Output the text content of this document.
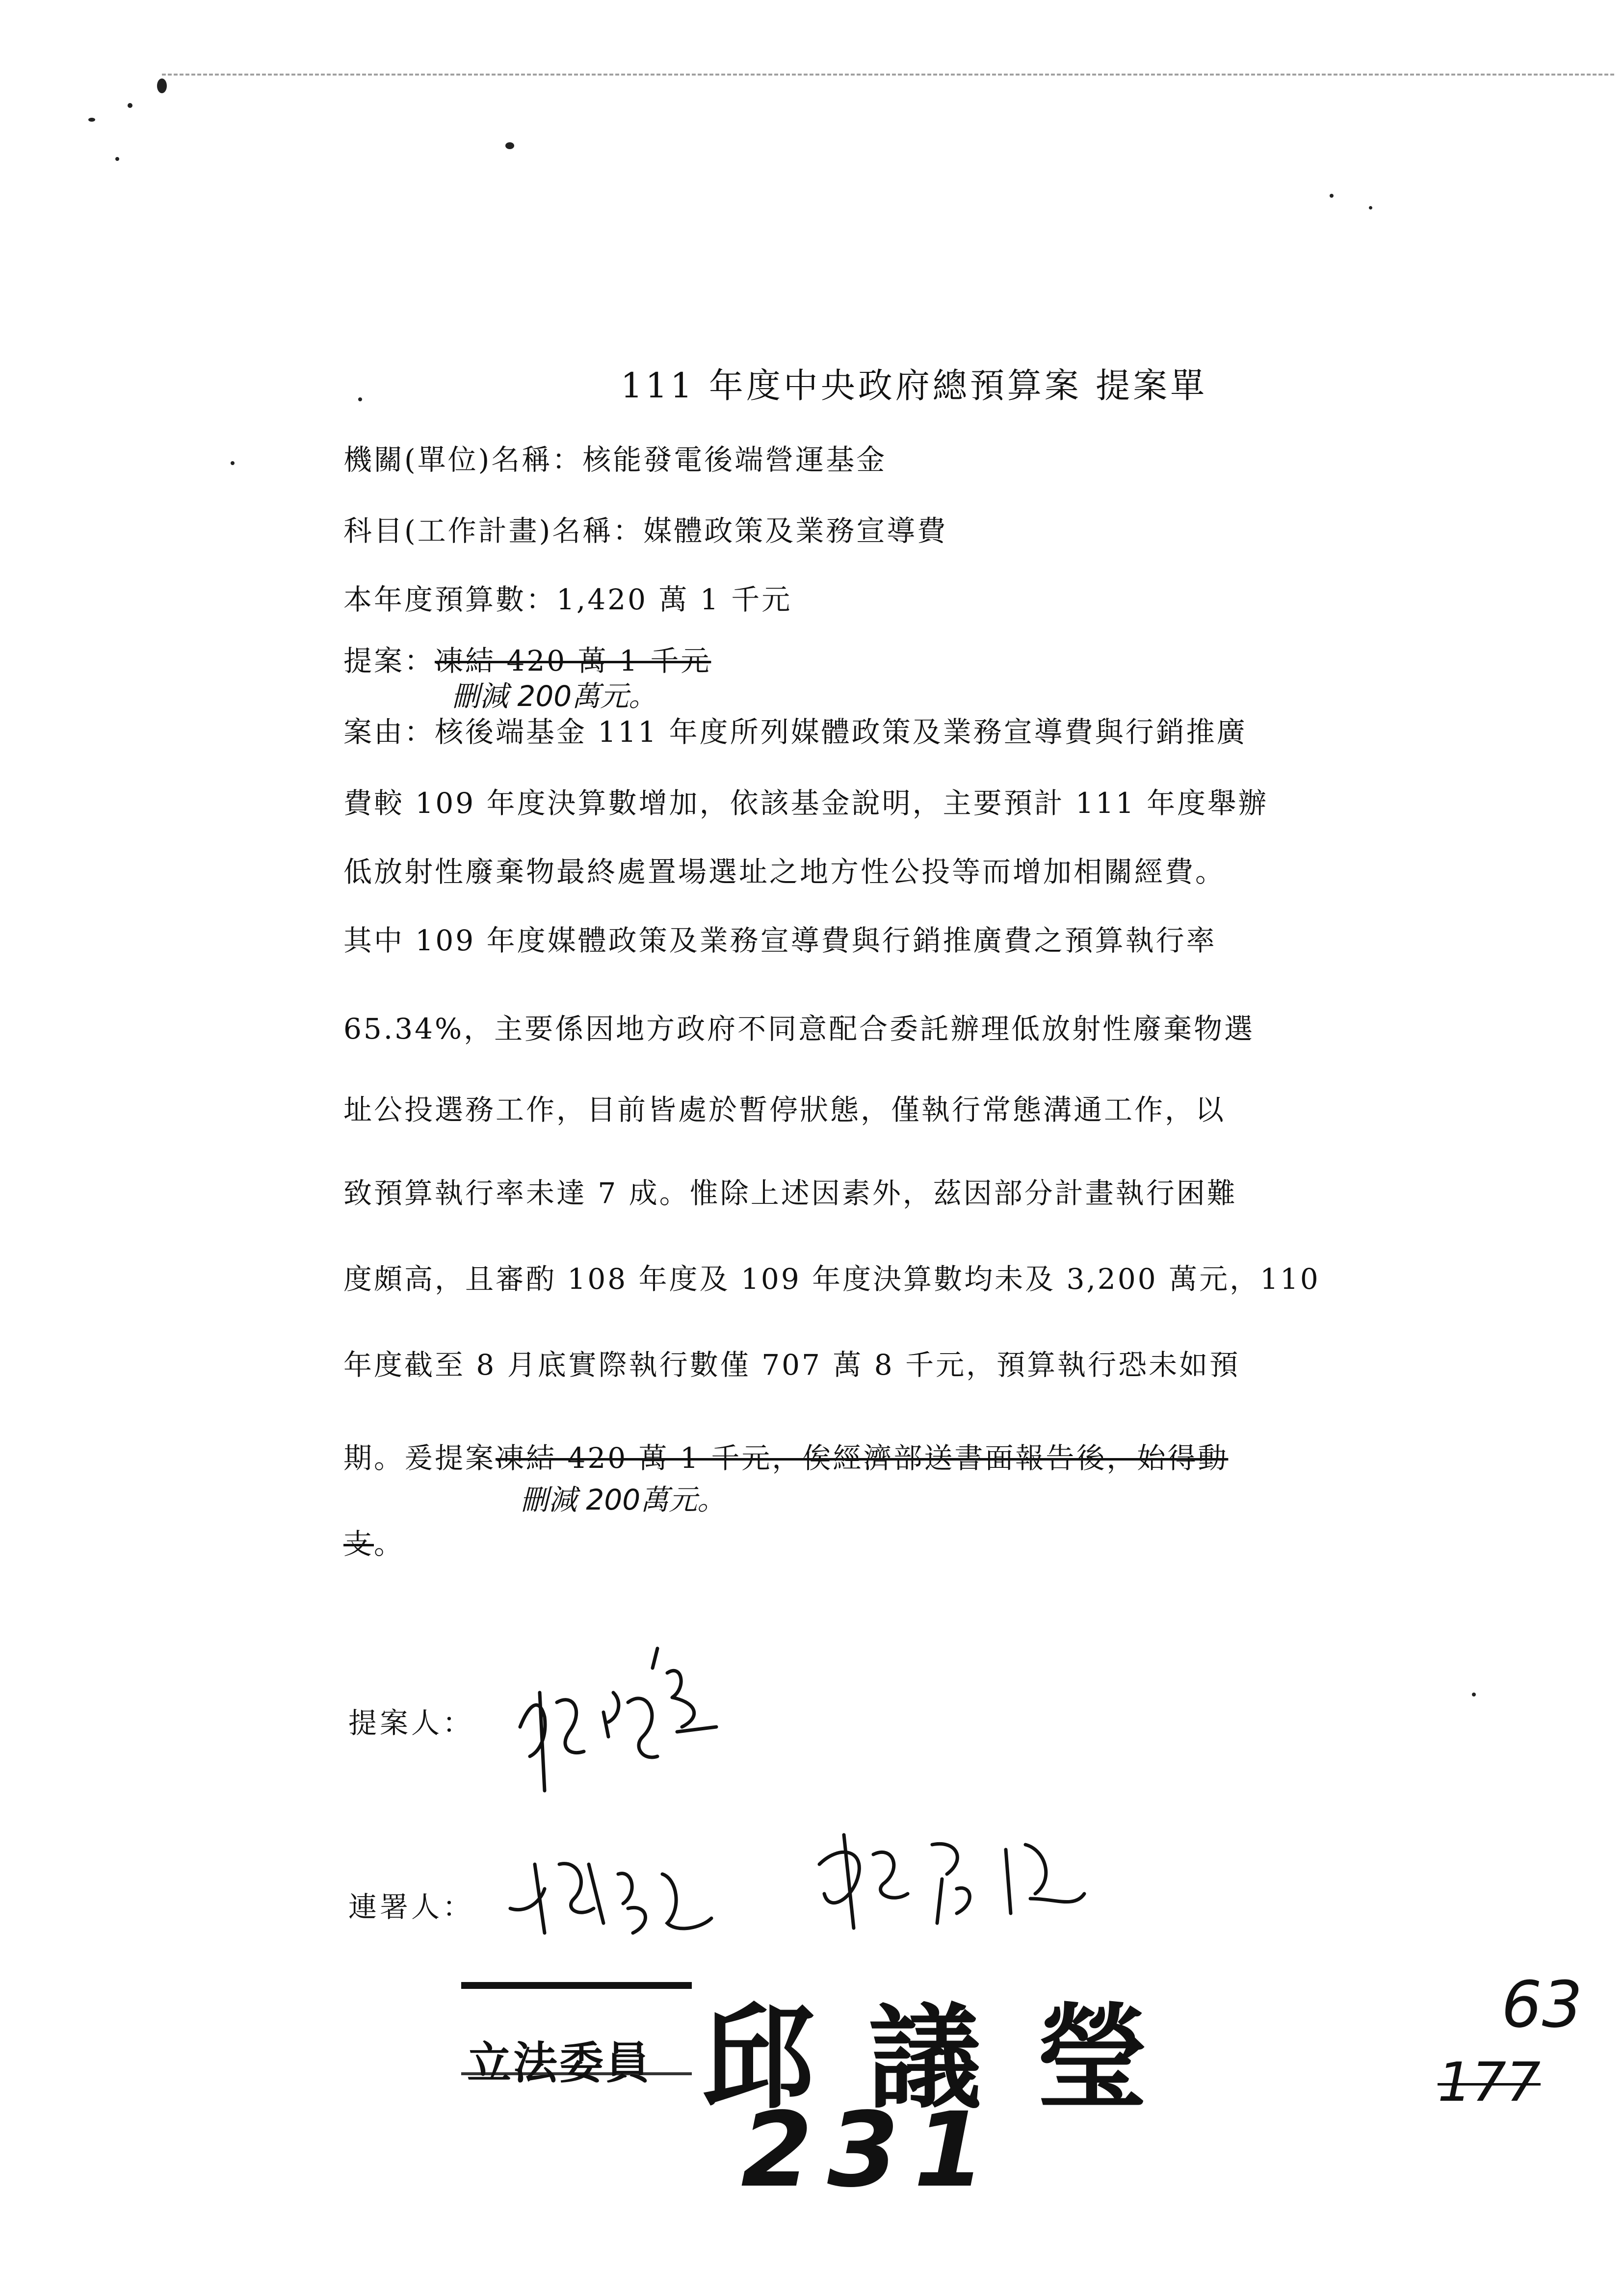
111 年度中央政府總預算案 提案單
機關(單位)名稱：核能發電後端營運基金
科目(工作計畫)名稱：媒體政策及業務宣導費
本年度預算數：1,420 萬 1 千元
提案：凍結 420 萬 1 千元
刪減 200萬元。
案由：核後端基金 111 年度所列媒體政策及業務宣導費與行銷推廣
費較 109 年度決算數增加，依該基金說明，主要預計 111 年度舉辦
低放射性廢棄物最終處置場選址之地方性公投等而增加相關經費。
其中 109 年度媒體政策及業務宣導費與行銷推廣費之預算執行率
65.34%，主要係因地方政府不同意配合委託辦理低放射性廢棄物選
址公投選務工作，目前皆處於暫停狀態，僅執行常態溝通工作，以
致預算執行率未達 7 成。惟除上述因素外，茲因部分計畫執行困難
度頗高，且審酌 108 年度及 109 年度決算數均未及 3,200 萬元，110
年度截至 8 月底實際執行數僅 707 萬 8 千元，預算執行恐未如預
期。爰提案凍結 420 萬 1 千元，俟經濟部送書面報告後，始得動
刪減 200萬元。
支。
提案人：
連署人：
立法委員 邱議瑩
231
63
177
